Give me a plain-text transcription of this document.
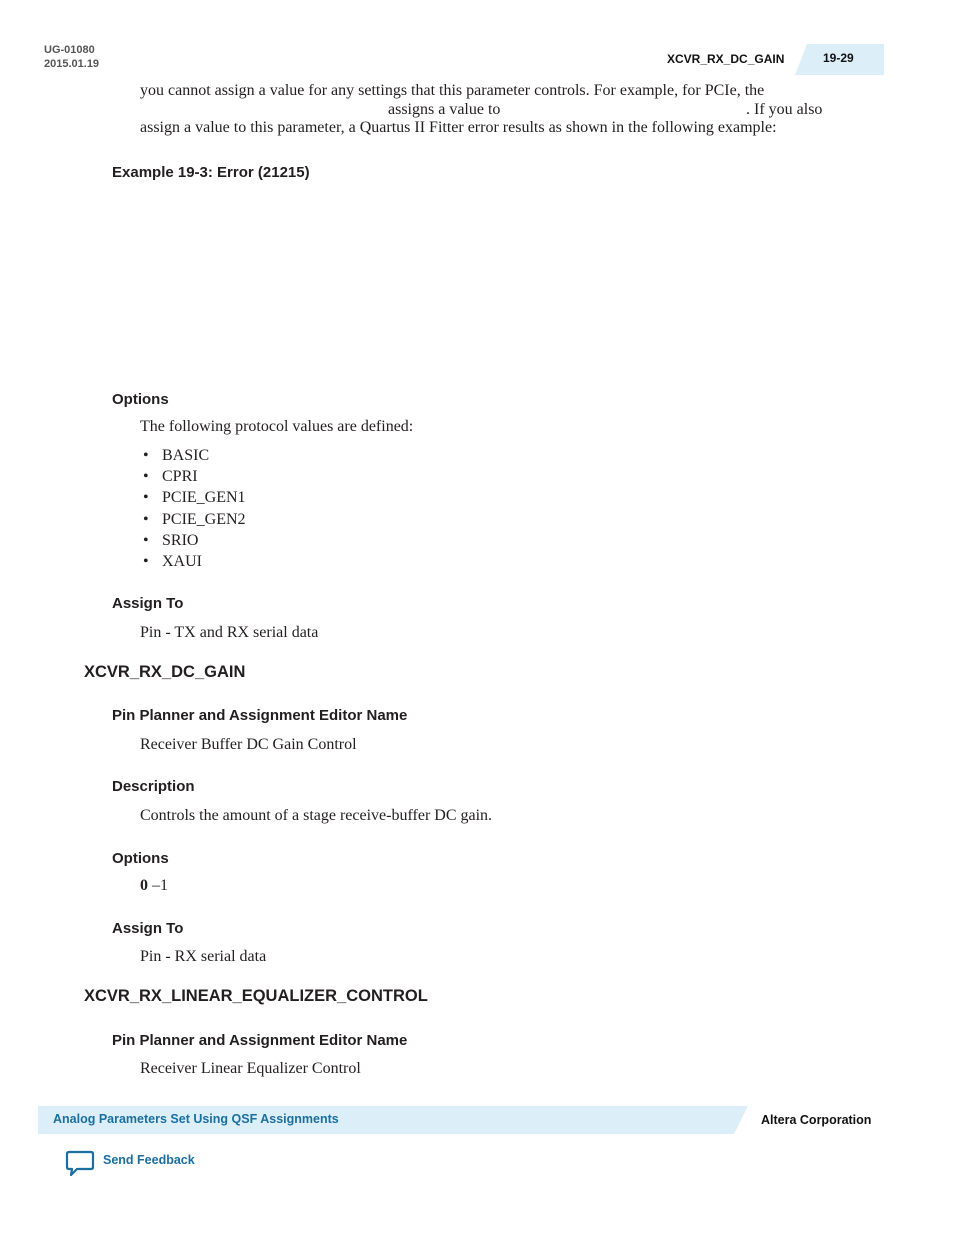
UG-01080
2015.01.19	XCVR_RX_DC_GAIN	19-29
you cannot assign a value for any settings that this parameter controls. For example, for PCIe, the
assigns a value to	. If you also
assign a value to this parameter, a Quartus II Fitter error results as shown in the following example:
Example 19-3: Error (21215)
Options
The following protocol values are defined:
• BASIC
• CPRI
• PCIE_GEN1
• PCIE_GEN2
• SRIO
• XAUI
Assign To
Pin - TX and RX serial data
XCVR_RX_DC_GAIN
Pin Planner and Assignment Editor Name
Receiver Buffer DC Gain Control
Description
Controls the amount of a stage receive-buffer DC gain.
Options
0 –1
Assign To
Pin - RX serial data
XCVR_RX_LINEAR_EQUALIZER_CONTROL
Pin Planner and Assignment Editor Name
Receiver Linear Equalizer Control
Analog Parameters Set Using QSF Assignments	Altera Corporation
Send Feedback
